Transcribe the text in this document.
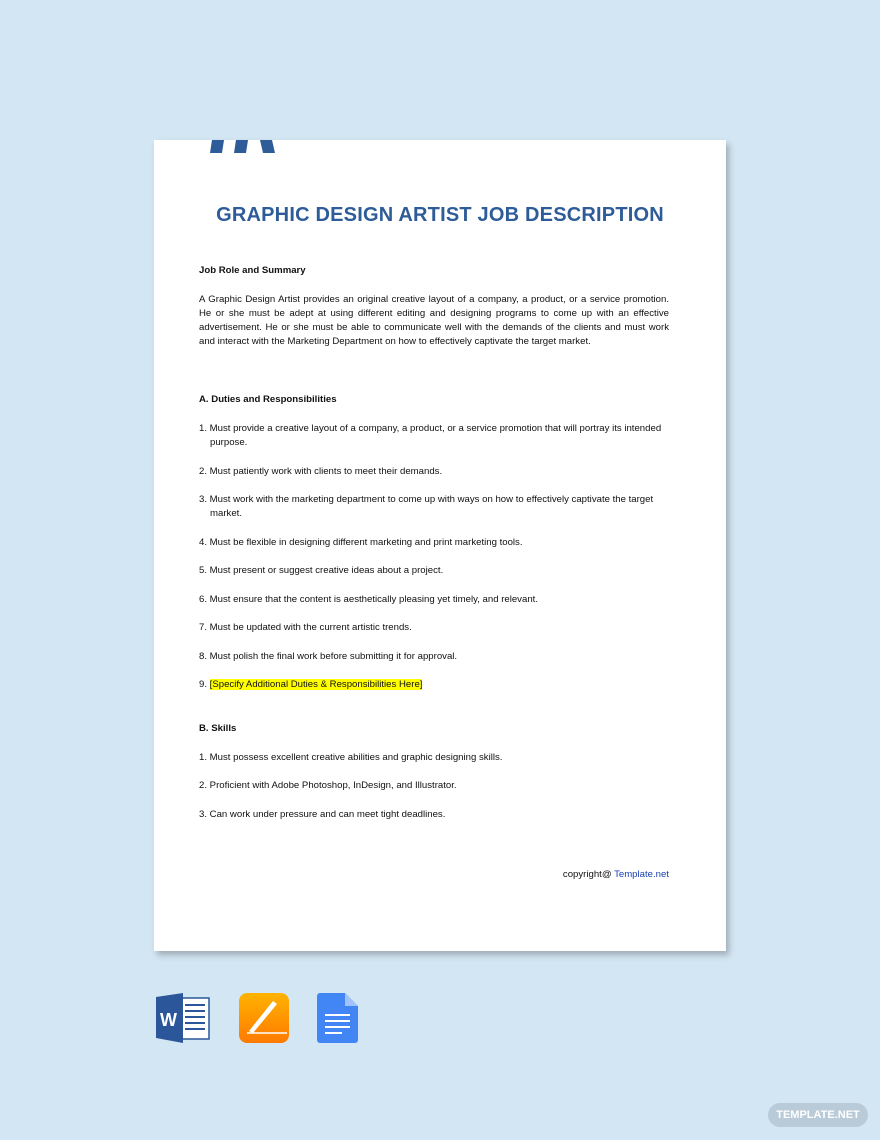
GRAPHIC DESIGN ARTIST JOB DESCRIPTION
Job Role and Summary
A Graphic Design Artist provides an original creative layout of a company, a product, or a service promotion. He or she must be adept at using different editing and designing programs to come up with an effective advertisement. He or she must be able to communicate well with the demands of the clients and must work and interact with the Marketing Department on how to effectively captivate the target market.
A. Duties and Responsibilities
1. Must provide a creative layout of a company, a product, or a service promotion that will portray its intended purpose.
2. Must patiently work with clients to meet their demands.
3. Must work with the marketing department to come up with ways on how to effectively captivate the target market.
4. Must be flexible in designing different marketing and print marketing tools.
5. Must present or suggest creative ideas about a project.
6. Must ensure that the content is aesthetically pleasing yet timely, and relevant.
7. Must be updated with the current artistic trends.
8. Must polish the final work before submitting it for approval.
9. [Specify Additional Duties & Responsibilities Here]
B. Skills
1. Must possess excellent creative abilities and graphic designing skills.
2. Proficient with Adobe Photoshop, InDesign, and Illustrator.
3. Can work under pressure and can meet tight deadlines.
copyright@ Template.net
W
TEMPLATE.NET
